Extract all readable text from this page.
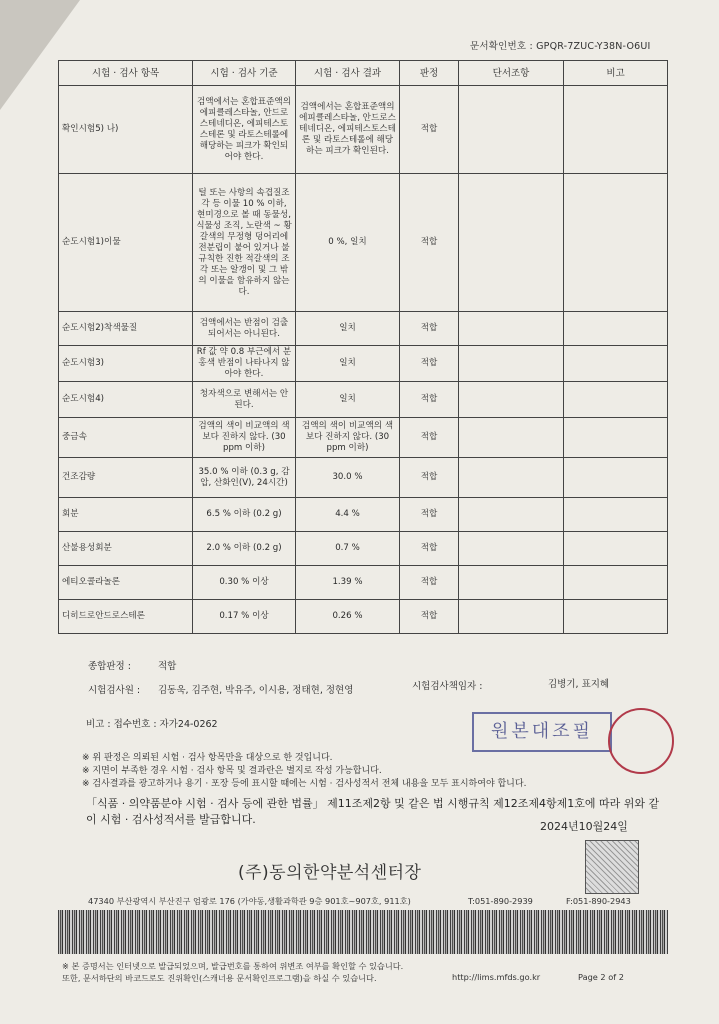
문서확인번호 : GPQR-7ZUC-Y38N-O6UI
시험 · 검사 항목	시험 · 검사 기준	시험 · 검사 결과	판정	단서조항	비고
확인시험5) 나)	검액에서는 혼합표준액의 에피클레스타놀, 안드로스테네디온, 에피테스토스테론 및 라토스테롤에 해당하는 피크가 확인되어야 한다.	검액에서는 혼합표준액의 에피클레스타놀, 안드로스테네디온, 에피테스토스테론 및 라토스테롤에 해당하는 피크가 확인된다.	적합		
순도시험1)이물	털 또는 사항의 속겹질조각 등 이물 10 % 이하, 현미경으로 볼 때 동물성, 식물성 조직, 노란색 ~ 황갈색의 무정형 덩어리에 전분립이 붙어 있거나 불규칙한 진한 적갈색의 조각 또는 알갱이 및 그 밖의 이물을 함유하지 않는다.	0 %, 일치	적합		
순도시험2)착색물질	검액에서는 반점이 검출되어서는 아니된다.	일치	적합		
순도시험3)	Rf 값 약 0.8 부근에서 분홍색 반점이 나타나지 않아야 한다.	일치	적합		
순도시험4)	청자색으로 변해서는 안된다.	일치	적합		
중금속	검액의 색이 비교액의 색 보다 진하지 않다. (30 ppm 이하)	검액의 색이 비교액의 색 보다 진하지 않다. (30 ppm 이하)	적합		
건조감량	35.0 % 이하 (0.3 g, 감압, 산화인(V), 24시간)	30.0 %	적합		
회분	6.5 % 이하 (0.2 g)	4.4 %	적합		
산불용성회분	2.0 % 이하 (0.2 g)	0.7 %	적합		
에티오콜라놀론	0.30 % 이상	1.39 %	적합		
디히드로안드로스테론	0.17 % 이상	0.26 %	적합		
종합판정 :	적합
시험검사원 : 김동욱, 김주현, 박유주, 이시용, 정태현, 정현영	시험검사책임자 :	김병기, 표지혜
비고 : 접수번호 : 자가24-0262	원본대조필
※ 위 판정은 의뢰된 시험 · 검사 항목만을 대상으로 한 것입니다.
※ 지면이 부족한 경우 시험 · 검사 항목 및 결과란은 별지로 작성 가능합니다.
※ 검사결과를 광고하거나 용기 · 포장 등에 표시할 때에는 시험 · 검사성적서 전체 내용을 모두 표시하여야 합니다.
「식품 · 의약품분야 시험 · 검사 등에 관한 법률」 제11조제2항 및 같은 법 시행규칙 제12조제4항제1호에 따라 위와 같이 시험 · 검사성적서를 발급합니다.
2024년10월24일
(주)동의한약분석센터장
47340 부산광역시 부산진구 엄광로 176 (가야동,생활과학관 9층 901호~907호, 911호)	T:051-890-2939	F:051-890-2943
※ 본 증명서는 인터넷으로 발급되었으며, 발급번호를 통하여 위변조 여부를 확인할 수 있습니다.
또한, 문서하단의 바코드로도 진위확인(스캐너용 문서확인프로그램)을 하실 수 있습니다.	http://lims.mfds.go.kr	Page 2 of 2
